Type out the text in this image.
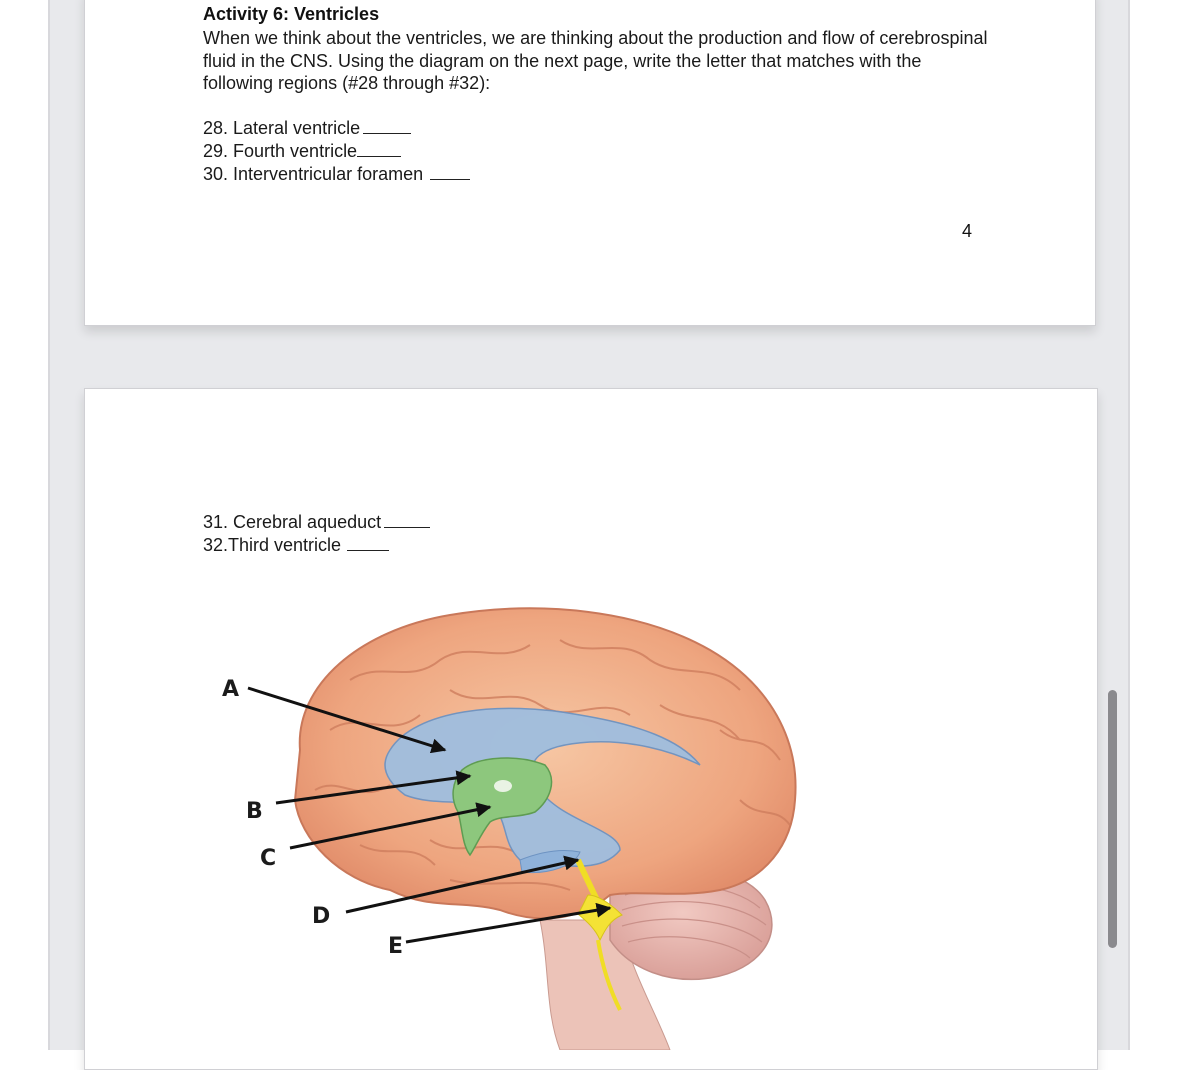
Activity 6: Ventricles
When we think about the ventricles, we are thinking about the production and flow of cerebrospinal fluid in the CNS. Using the diagram on the next page, write the letter that matches with the following regions (#28 through #32):
28. Lateral ventricle
29. Fourth ventricle
30. Interventricular foramen
4
31. Cerebral aqueduct
32.Third ventricle
A
B
C
D
E
